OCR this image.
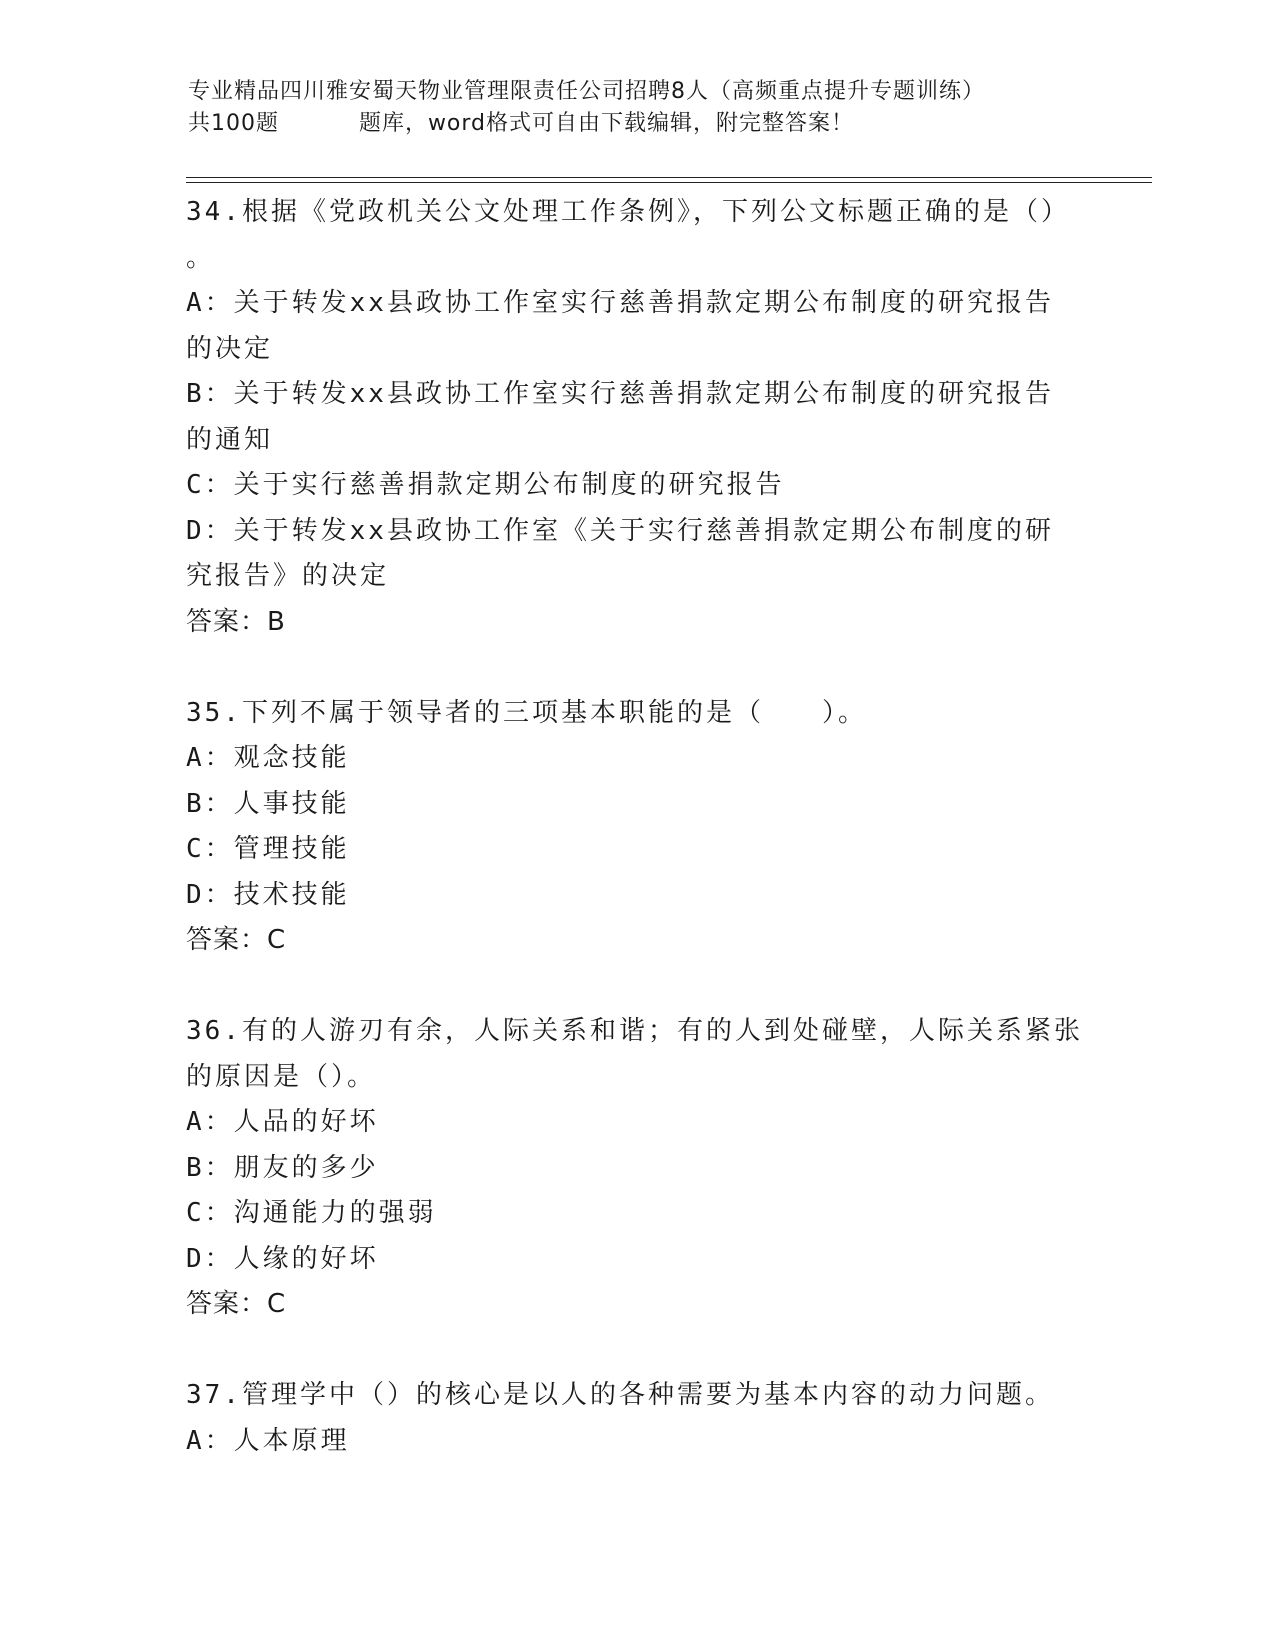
专业精品四川雅安蜀天物业管理限责任公司招聘8人（高频重点提升专题训练）
共100题	题库，word格式可自由下载编辑，附完整答案！
34.根据《党政机关公文处理工作条例》，下列公文标题正确的是（）
。
A：关于转发xx县政协工作室实行慈善捐款定期公布制度的研究报告
的决定
B：关于转发xx县政协工作室实行慈善捐款定期公布制度的研究报告
的通知
C：关于实行慈善捐款定期公布制度的研究报告
D：关于转发xx县政协工作室《关于实行慈善捐款定期公布制度的研
究报告》的决定
答案：B
35.下列不属于领导者的三项基本职能的是（　　）。
A：观念技能
B：人事技能
C：管理技能
D：技术技能
答案：C
36.有的人游刃有余，人际关系和谐；有的人到处碰壁，人际关系紧张
的原因是（）。
A：人品的好坏
B：朋友的多少
C：沟通能力的强弱
D：人缘的好坏
答案：C
37.管理学中（）的核心是以人的各种需要为基本内容的动力问题。
A：人本原理
